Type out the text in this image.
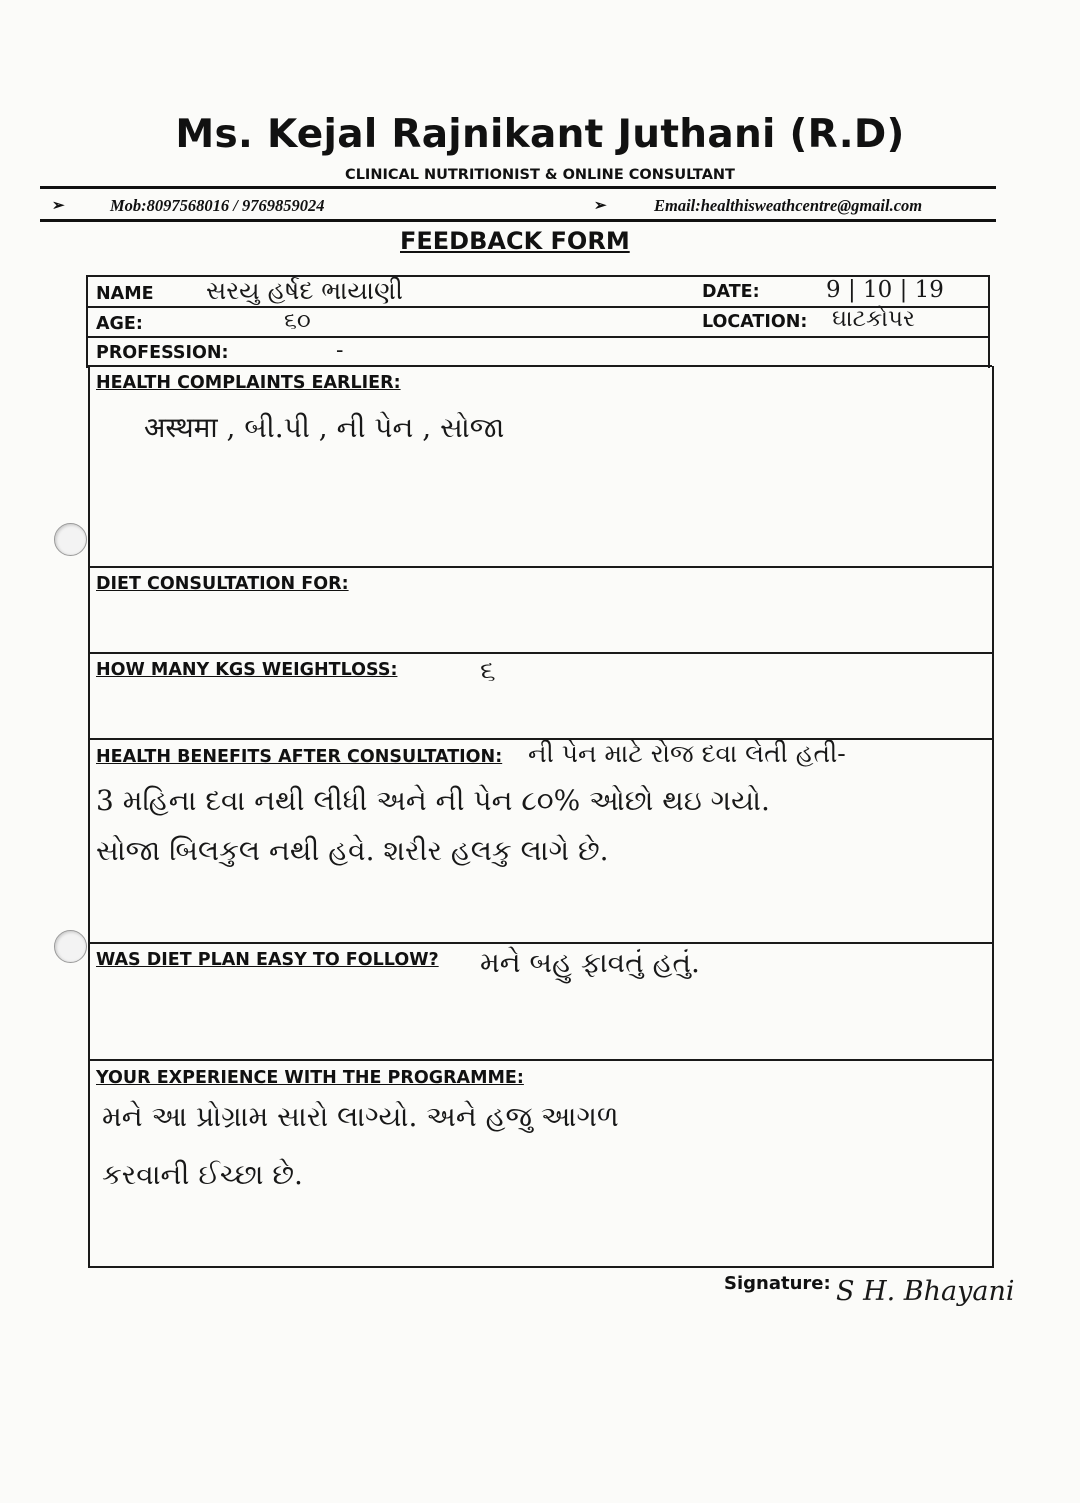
Ms. Kejal Rajnikant Juthani (R.D)
CLINICAL NUTRITIONIST & ONLINE CONSULTANT
➢	Mob:8097568016 / 9769859024	➢	Email:healthisweathcentre@gmail.com
FEEDBACK FORM
NAME સરયુ હર્ષદ ભાયાણી	DATE:	9 | 10 | 19
AGE:	૬૦	LOCATION: ઘાટકોપર
PROFESSION:	-
HEALTH COMPLAINTS EARLIER:
अस्थमा , બી.પી , ની પેન , સોજા
DIET CONSULTATION FOR:
HOW MANY KGS WEIGHTLOSS:	૬
HEALTH BENEFITS AFTER CONSULTATION: ની પેન માટે રોજ દવા લેતી હતી-
3 મહિના દવા નથી લીધી અને ની પેન ૮૦% ઓછો થઇ ગયો.
સોજા બિલકુલ નથી હવે. શરીર હલકુ લાગે છે.
WAS DIET PLAN EASY TO FOLLOW? મને બહુ ફાવતું હતું.
YOUR EXPERIENCE WITH THE PROGRAMME:
મને આ પ્રોગ્રામ સારો લાગ્યો. અને હજુ આગળ
કરવાની ઈચ્છા છે.
Signature: S H. Bhayani
